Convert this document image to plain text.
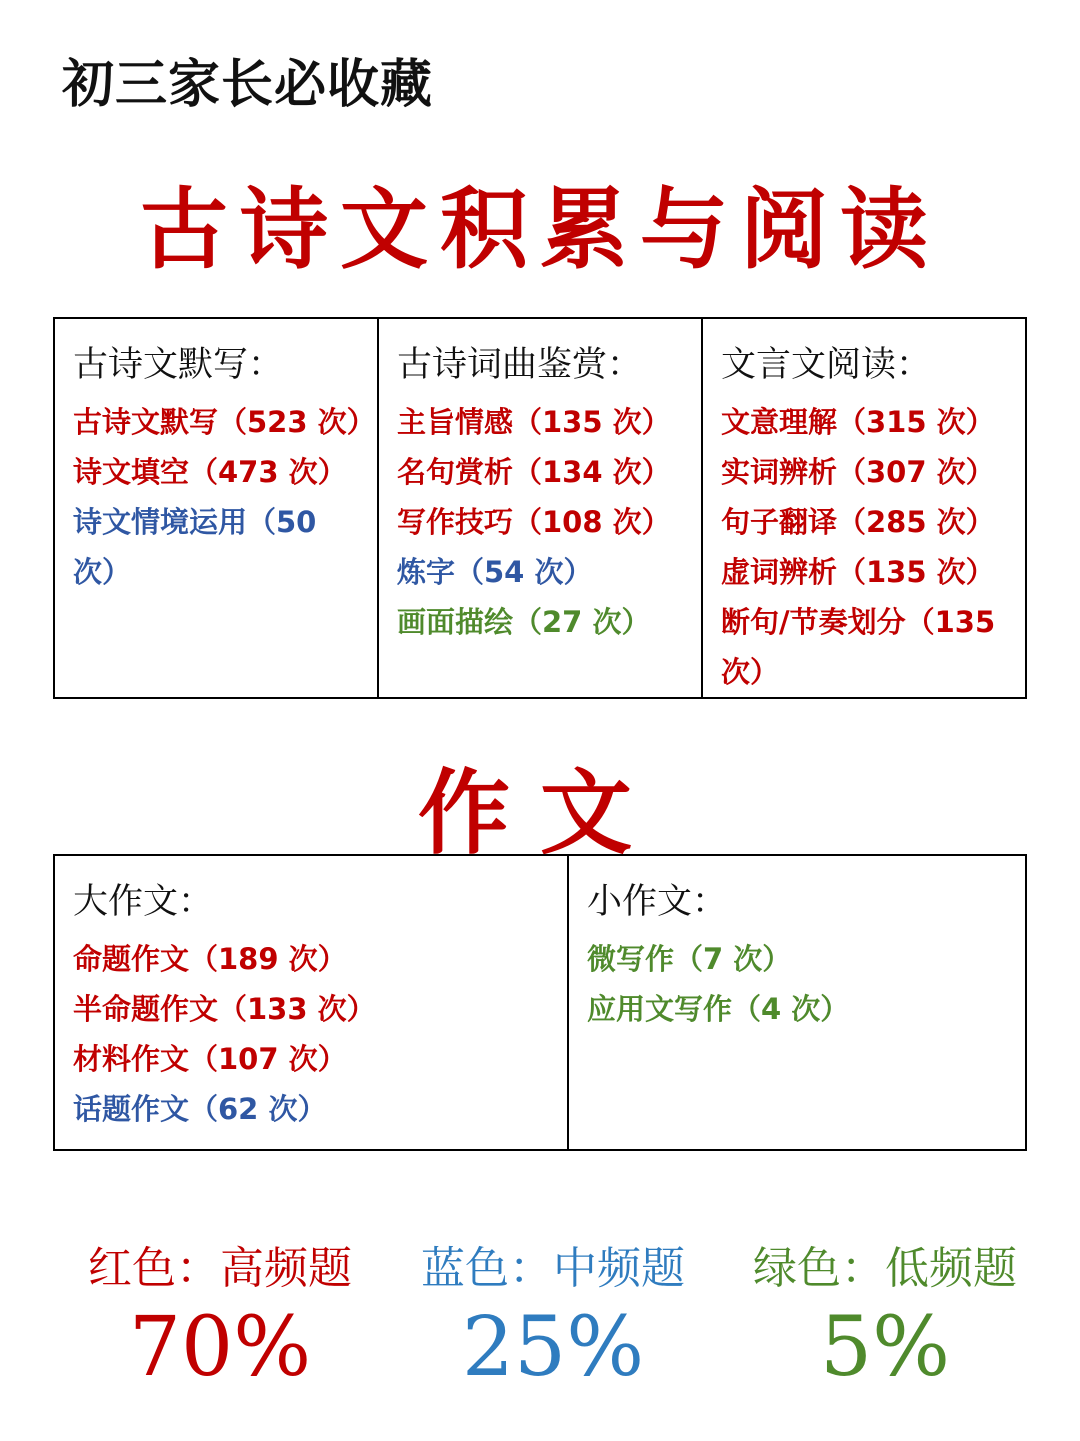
初三家长必收藏
古诗文积累与阅读
古诗文默写：
古诗文默写（523 次）
诗文填空（473 次）
诗文情境运用（50 次）

古诗词曲鉴赏：
主旨情感（135 次）
名句赏析（134 次）
写作技巧（108 次）
炼字（54 次）
画面描绘（27 次）

文言文阅读：
文意理解（315 次）
实词辨析（307 次）
句子翻译（285 次）
虚词辨析（135 次）
断句/节奏划分（135 次）
作文
大作文：
命题作文（189 次）
半命题作文（133 次）
材料作文（107 次）
话题作文（62 次）

小作文：
微写作（7 次）
应用文写作（4 次）
红色：高频题
70%
蓝色：中频题
25%
绿色：低频题
5%
